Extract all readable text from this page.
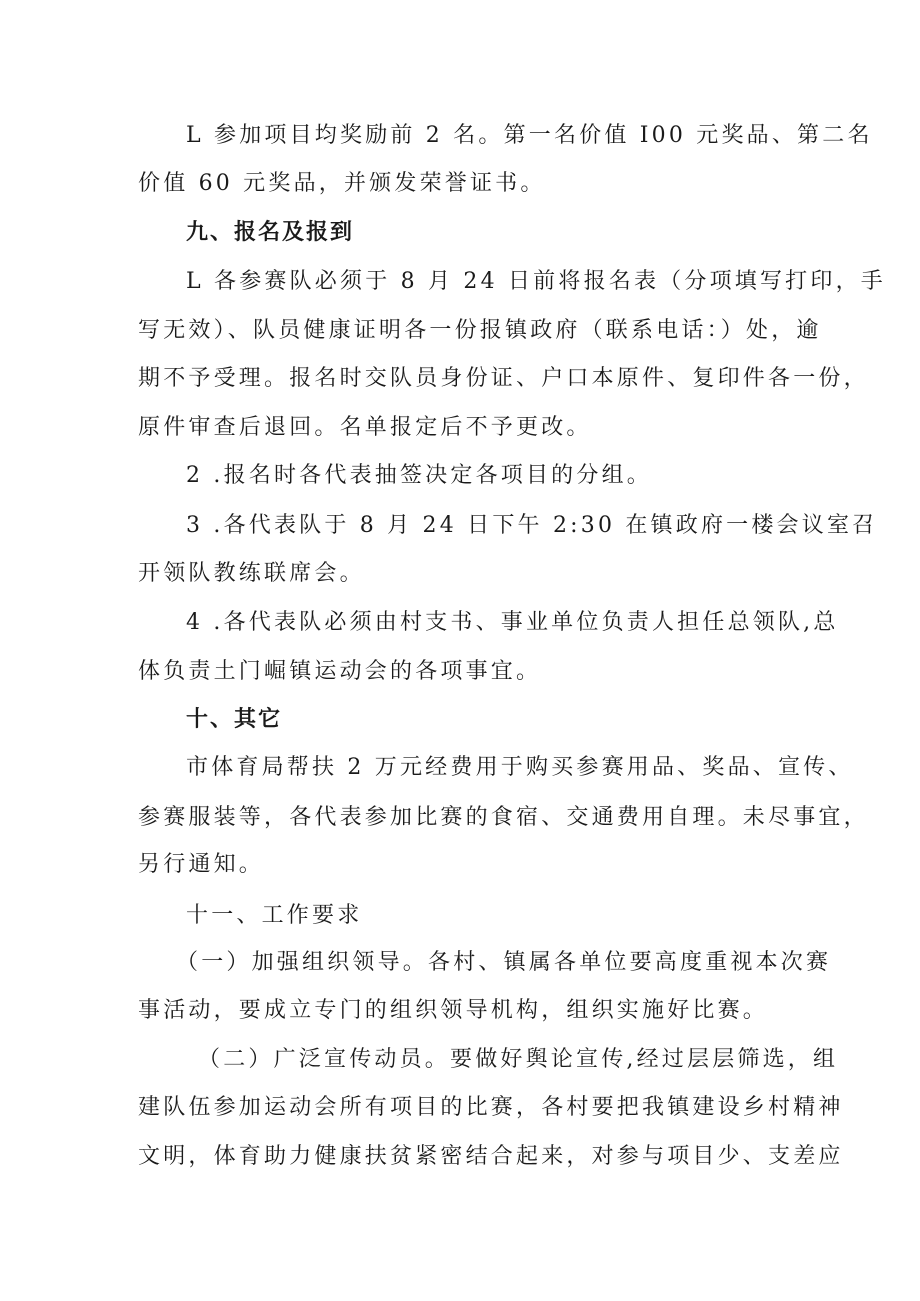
L 参加项目均奖励前 2 名。第一名价值 I00 元奖品、第二名
价值 60 元奖品，并颁发荣誉证书。
九、报名及报到
L 各参赛队必须于 8 月 24 日前将报名表（分项填写打印，手
写无效）、队员健康证明各一份报镇政府（联系电话：）处，逾
期不予受理。报名时交队员身份证、户口本原件、复印件各一份，
原件审查后退回。名单报定后不予更改。
2 .报名时各代表抽签决定各项目的分组。
3 .各代表队于 8 月 24 日下午 2:30 在镇政府一楼会议室召
开领队教练联席会。
4 .各代表队必须由村支书、事业单位负责人担任总领队,总
体负责土门崛镇运动会的各项事宜。
十、其它
市体育局帮扶 2 万元经费用于购买参赛用品、奖品、宣传、
参赛服装等，各代表参加比赛的食宿、交通费用自理。未尽事宜，
另行通知。
十一、工作要求
（一）加强组织领导。各村、镇属各单位要高度重视本次赛
事活动，要成立专门的组织领导机构，组织实施好比赛。
（二）广泛宣传动员。要做好舆论宣传,经过层层筛选，组
建队伍参加运动会所有项目的比赛，各村要把我镇建设乡村精神
文明，体育助力健康扶贫紧密结合起来，对参与项目少、支差应
